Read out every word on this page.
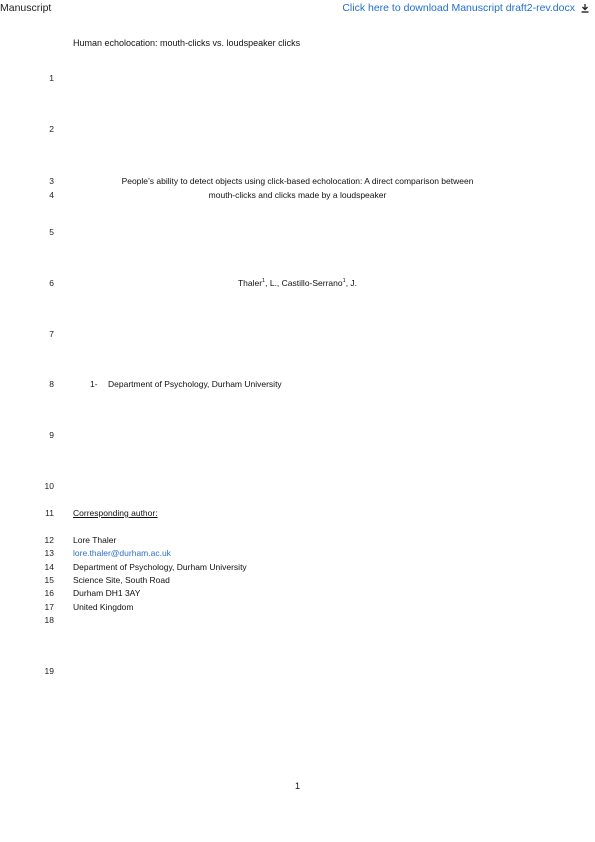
Manuscript	Click here to download Manuscript draft2-rev.docx
Human echolocation: mouth-clicks vs. loudspeaker clicks
1
2
3
4
5
6
7
8
9
10
11
12
13
14
15
16
17
18
19
People’s ability to detect objects using click-based echolocation: A direct comparison between
mouth-clicks and clicks made by a loudspeaker
Thaler$^1$, L., Castillo-Serrano$^1$, J.
1- Department of Psychology, Durham University
Corresponding author:
Lore Thaler
lore.thaler@durham.ac.uk
Department of Psychology, Durham University
Science Site, South Road
Durham DH1 3AY
United Kingdom
1
